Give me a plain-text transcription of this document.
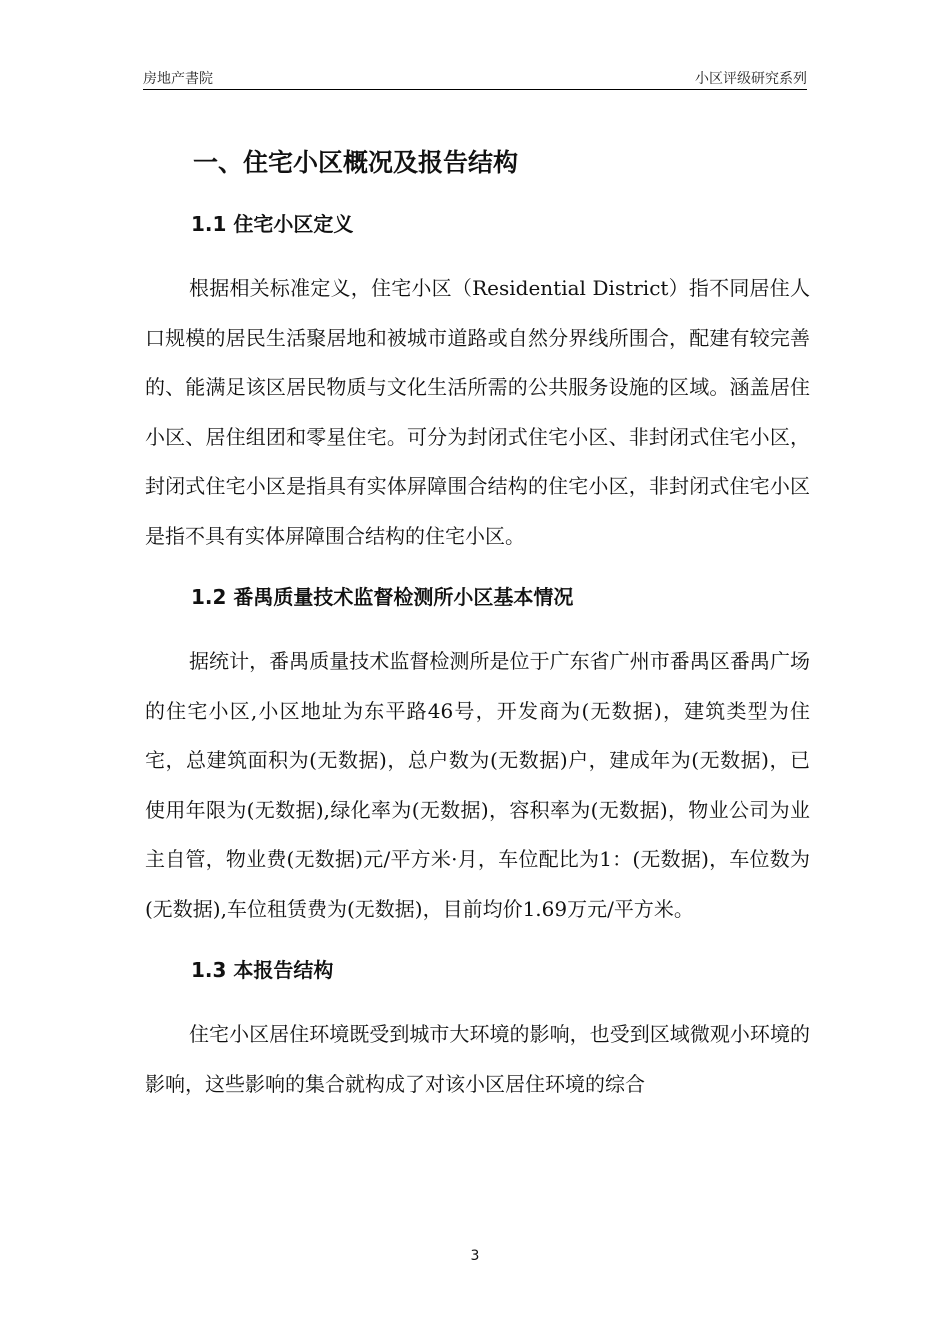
房地产書院	小区评级研究系列
一、住宅小区概况及报告结构
1.1 住宅小区定义

根据相关标准定义，住宅小区（Residential District）指不同居住人口规模的居民生活聚居地和被城市道路或自然分界线所围合，配建有较完善的、能满足该区居民物质与文化生活所需的公共服务设施的区域。涵盖居住小区、居住组团和零星住宅。可分为封闭式住宅小区、非封闭式住宅小区，封闭式住宅小区是指具有实体屏障围合结构的住宅小区，非封闭式住宅小区是指不具有实体屏障围合结构的住宅小区。

1.2 番禺质量技术监督检测所小区基本情况

据统计，番禺质量技术监督检测所是位于广东省广州市番禺区番禺广场的住宅小区,小区地址为东平路46号，开发商为(无数据)，建筑类型为住宅，总建筑面积为(无数据)，总户数为(无数据)户，建成年为(无数据)，已使用年限为(无数据),绿化率为(无数据)，容积率为(无数据)，物业公司为业主自管，物业费(无数据)元/平方米·月，车位配比为1：(无数据)，车位数为(无数据),车位租赁费为(无数据)，目前均价1.69万元/平方米。

1.3 本报告结构

住宅小区居住环境既受到城市大环境的影响，也受到区域微观小环境的影响，这些影响的集合就构成了对该小区居住环境的综合

3
